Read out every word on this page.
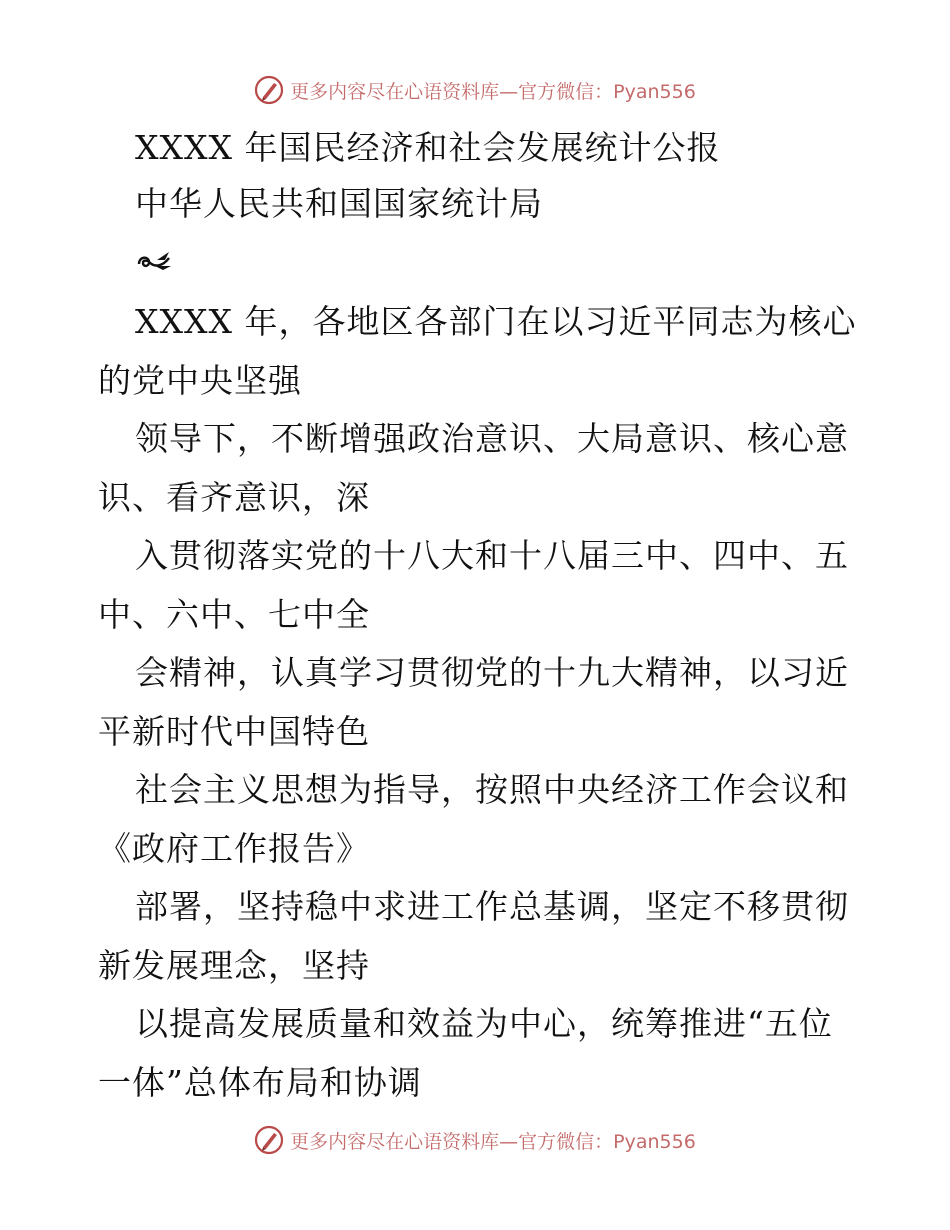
更多内容尽在心语资料库—官方微信：Pyan556
XXXX 年国民经济和社会发展统计公报
中华人民共和国国家统计局
XXXX 年，各地区各部门在以习近平同志为核心
的党中央坚强
领导下，不断增强政治意识、大局意识、核心意
识、看齐意识，深
入贯彻落实党的十八大和十八届三中、四中、五
中、六中、七中全
会精神，认真学习贯彻党的十九大精神，以习近
平新时代中国特色
社会主义思想为指导，按照中央经济工作会议和
《政府工作报告》
部署，坚持稳中求进工作总基调，坚定不移贯彻
新发展理念，坚持
以提高发展质量和效益为中心，统筹推进“五位
一体”总体布局和协调
更多内容尽在心语资料库—官方微信：Pyan556
